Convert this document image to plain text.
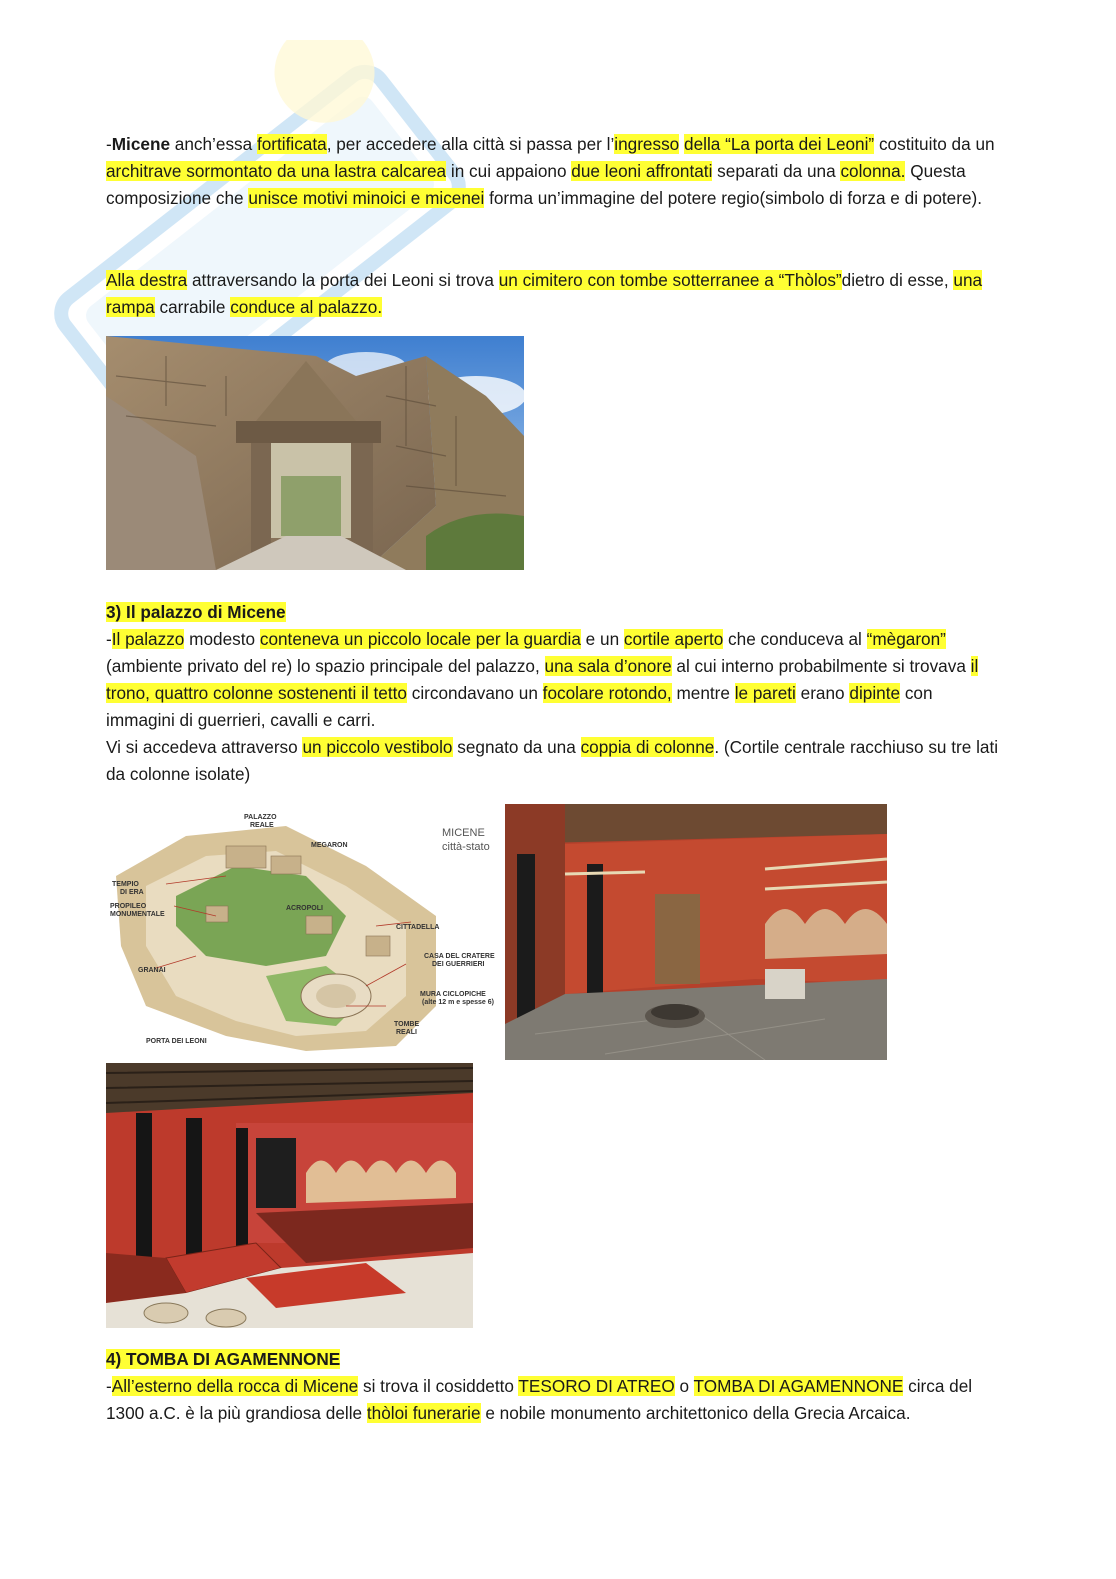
-Micene anch’essa fortificata, per accedere alla città si passa per l’ingresso della “La porta dei Leoni” costituito da un architrave sormontato da una lastra calcarea in cui appaiono due leoni affrontati separati da una colonna. Questa composizione che unisce motivi minoici e micenei forma un’immagine del potere regio(simbolo di forza e di potere).

Alla destra attraversando la porta dei Leoni si trova un cimitero con tombe sotterranee a “Thòlos”dietro di esse, una rampa carrabile conduce al palazzo.

3) Il palazzo di Micene

-Il palazzo modesto conteneva un piccolo locale per la guardia e un cortile aperto che conduceva al “mègaron” (ambiente privato del re) lo spazio principale del palazzo, una sala d’onore al cui interno probabilmente si trovava il trono, quattro colonne sostenenti il tetto circondavano un focolare rotondo, mentre le pareti erano dipinte con immagini di guerrieri, cavalli e carri.

Vi si accedeva attraverso un piccolo vestibolo segnato da una coppia di colonne. (Cortile centrale racchiuso su tre lati da colonne isolate)

PALAZZO
REALE
MEGARON
MICENE
città-stato
TEMPIO
DI ERA
PROPILEO
MONUMENTALE
ACROPOLI
CITTADELLA
GRANAI
CASA DEL CRATERE
DEI GUERRIERI
MURA CICLOPICHE
(alte 12 m e spesse 6)
TOMBE
REALI
PORTA DEI LEONI

4) TOMBA DI AGAMENNONE

-All’esterno della rocca di Micene si trova il cosiddetto TESORO DI ATREO o TOMBA DI AGAMENNONE circa del 1300 a.C. è la più grandiosa delle thòloi funerarie e nobile monumento architettonico della Grecia Arcaica.
